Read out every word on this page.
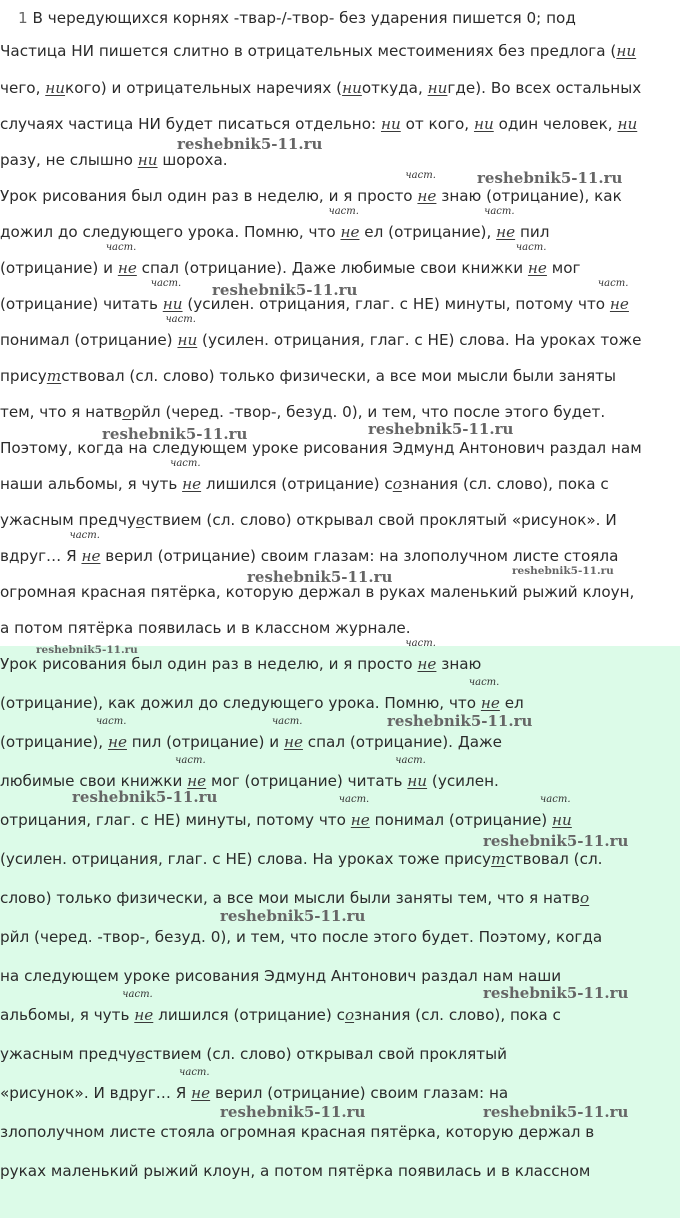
1 В чередующихся корнях -твар-/-твор- без ударения пишется 0; под
Частица НИ пишется слитно в отрицательных местоимениях без предлога (ни
чего, никого) и отрицательных наречиях (ниоткуда, нигде). Во всех остальных
случаях частица НИ будет писаться отдельно: ни от кого, ни один человек, ни
разу, не слышно ни шороха.
Урок рисования был один раз в неделю, и я просто
част.
не знаю (отрицание), как
дожил до следующего урока. Помню, что
част.
не ел (отрицание),
част.
не пил
(отрицание) и
част.
не спал (отрицание). Даже любимые свои книжки
част.
не мог
(отрицание) читать
част.
ни (усилен. отрицания, глаг. с НЕ) минуты, потому что
част.
не
понимал (отрицание)
част.
ни (усилен. отрицания, глаг. с НЕ) слова. На уроках тоже
присутствовал (сл. слово) только физически, а все мои мысли были заняты
тем, что я натворйл (черед. -твор-, безуд. 0), и тем, что после этого будет.
Поэтому, когда на следующем уроке рисования Эдмунд Антонович раздал нам
наши альбомы, я чуть
част.
не лишился (отрицание) сознания (сл. слово), пока с
ужасным предчувствием (сл. слово) открывал свой проклятый «рисунок». И
вдруг… Я
част.
не верил (отрицание) своим глазам: на злополучном листе стояла
огромная красная пятёрка, которую держал в руках маленький рыжий клоун,
а потом пятёрка появилась и в классном журнале.
Урок рисования был один раз в неделю, и я просто
част.
не знаю
(отрицание), как дожил до следующего урока. Помню, что
част.
не ел
(отрицание),
част.
не пил (отрицание) и
част.
не спал (отрицание). Даже
любимые свои книжки
част.
не мог (отрицание) читать
част.
ни (усилен.
отрицания, глаг. с НЕ) минуты, потому что
част.
не понимал (отрицание)
част.
ни
(усилен. отрицания, глаг. с НЕ) слова. На уроках тоже присутствовал (сл.
слово) только физически, а все мои мысли были заняты тем, что я натво
рйл (черед. -твор-, безуд. 0), и тем, что после этого будет. Поэтому, когда
на следующем уроке рисования Эдмунд Антонович раздал нам наши
альбомы, я чуть
част.
не лишился (отрицание) сознания (сл. слово), пока с
ужасным предчувствием (сл. слово) открывал свой проклятый
«рисунок». И вдруг… Я
част.
не верил (отрицание) своим глазам: на
злополучном листе стояла огромная красная пятёрка, которую держал в
руках маленький рыжий клоун, а потом пятёрка появилась и в классном
reshebnik5-11.ru
reshebnik5-11.ru
reshebnik5-11.ru
reshebnik5-11.ru	reshebnik5-11.ru
reshebnik5-11.ru	reshebnik5-11.ru
reshebnik5-11.ru
reshebnik5-11.ru
reshebnik5-11.ru
reshebnik5-11.ru
reshebnik5-11.ru
reshebnik5-11.ru
reshebnik5-11.ru	reshebnik5-11.ru
